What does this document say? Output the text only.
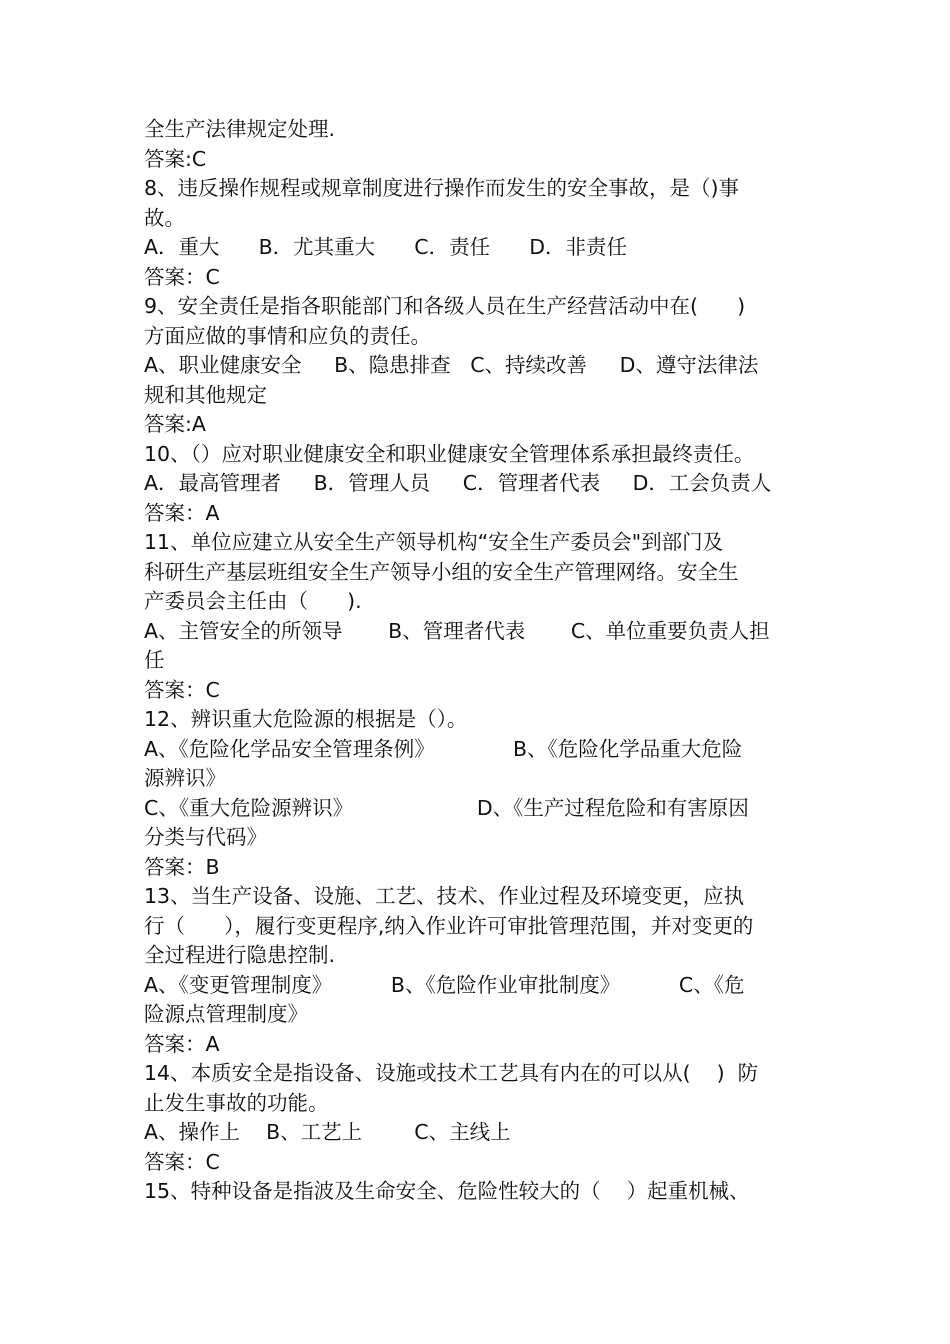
全生产法律规定处理.
答案:C
8、违反操作规程或规章制度进行操作而发生的安全事故，是（)事
故。
A．重大      B．尤其重大      C．责任      D．非责任
答案：C
9、安全责任是指各职能部门和各级人员在生产经营活动中在(      )
方面应做的事情和应负的责任。
A、职业健康安全     B、隐患排查   C、持续改善     D、遵守法律法
规和其他规定
答案:A
10、（）应对职业健康安全和职业健康安全管理体系承担最终责任。
A．最高管理者     B．管理人员     C．管理者代表     D．工会负责人
答案：A
11、单位应建立从安全生产领导机构“安全生产委员会"到部门及
科研生产基层班组安全生产领导小组的安全生产管理网络。安全生
产委员会主任由（      ).
A、主管安全的所领导       B、管理者代表       C、单位重要负责人担
任
答案：C
12、辨识重大危险源的根据是（）。
A、《危险化学品安全管理条例》            B、《危险化学品重大危险
源辨识》
C、《重大危险源辨识》                   D、《生产过程危险和有害原因
分类与代码》
答案：B
13、当生产设备、设施、工艺、技术、作业过程及环境变更，应执
行（      ），履行变更程序,纳入作业许可审批管理范围，并对变更的
全过程进行隐患控制.
A、《变更管理制度》         B、《危险作业审批制度》         C、《危
险源点管理制度》
答案：A
14、本质安全是指设备、设施或技术工艺具有内在的可以从(    )  防
止发生事故的功能。
A、操作上    B、工艺上        C、主线上
答案：C
15、特种设备是指波及生命安全、危险性较大的（    ）起重机械、
